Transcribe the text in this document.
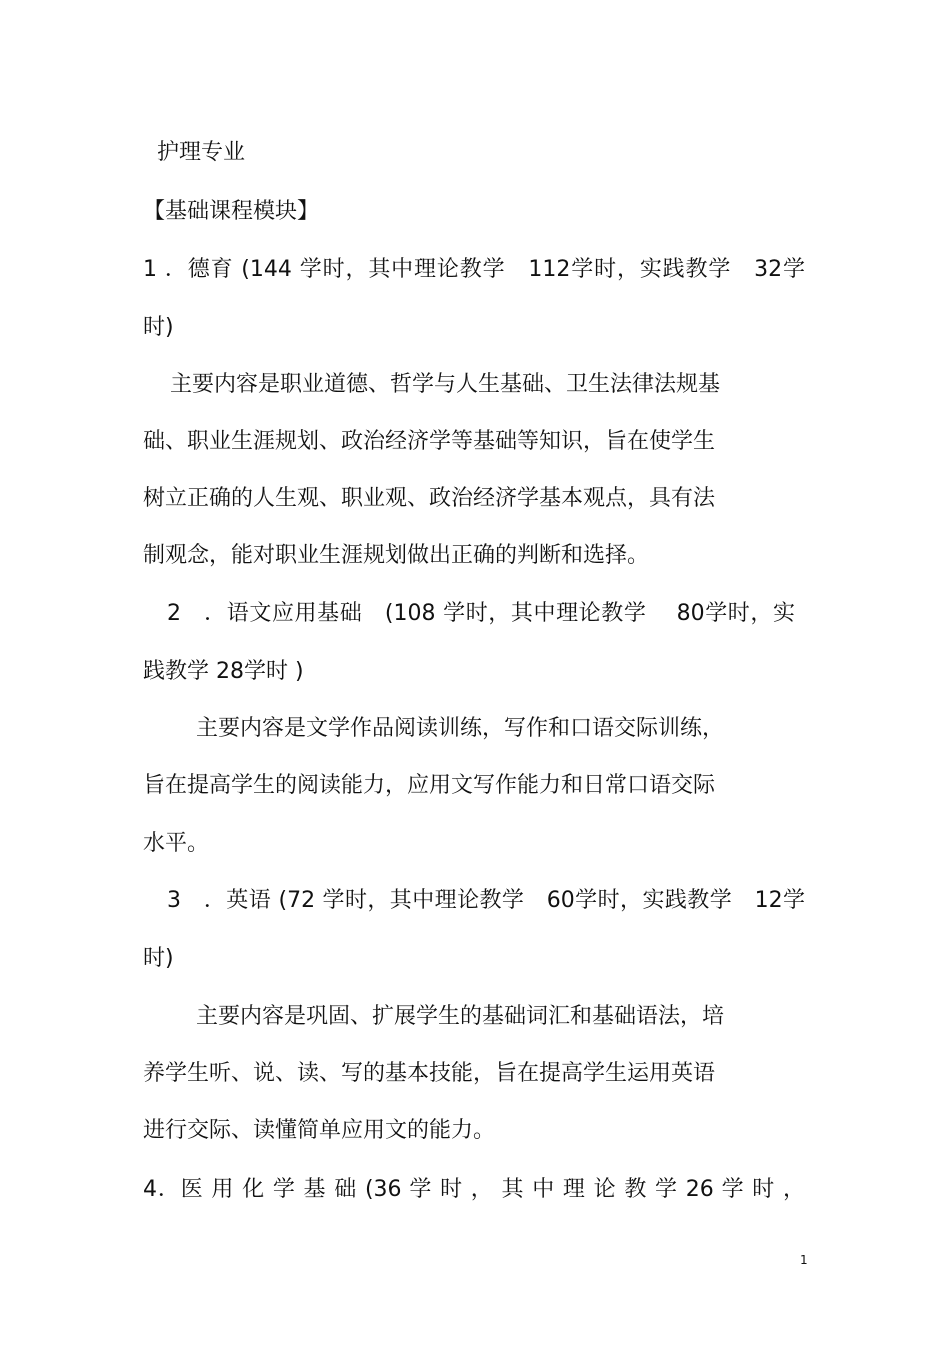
护理专业

【基础课程模块】

1 ．德育 (144 学时，其中理论教学　112学时，实践教学　32学

时)

主要内容是职业道德、哲学与人生基础、卫生法律法规基

础、职业生涯规划、政治经济学等基础等知识，旨在使学生

树立正确的人生观、职业观、政治经济学基本观点，具有法

制观念，能对职业生涯规划做出正确的判断和选择。

2　．语文应用基础　(108 学时，其中理论教学　 80学时，实

践教学 28学时 )

主要内容是文学作品阅读训练，写作和口语交际训练，

旨在提高学生的阅读能力，应用文写作能力和日常口语交际

水平。

3　．英语 (72 学时，其中理论教学　60学时，实践教学　12学

时)

主要内容是巩固、扩展学生的基础词汇和基础语法，培

养学生听、说、读、写的基本技能，旨在提高学生运用英语

进行交际、读懂简单应用文的能力。

4．医 用 化 学 基 础 (36 学 时 ， 其 中 理 论 教 学 26 学 时 ，

1
